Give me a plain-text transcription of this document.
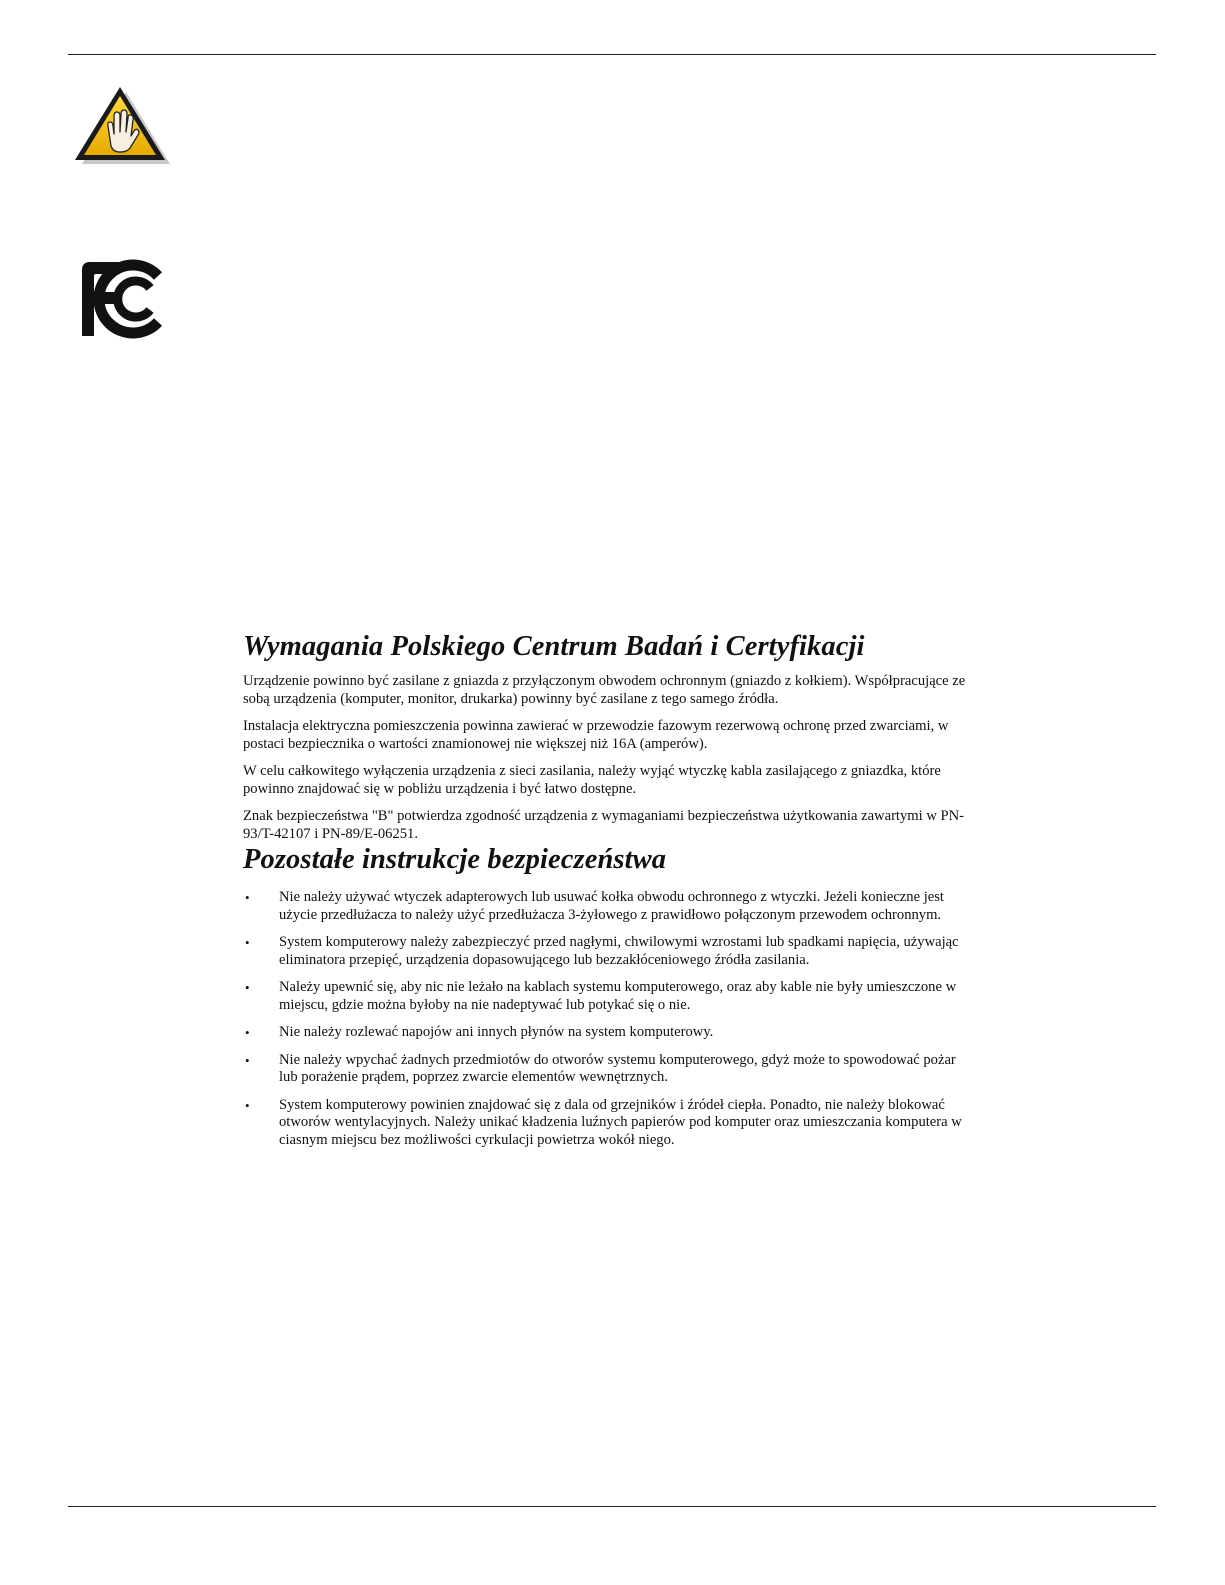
FC
Wymagania Polskiego Centrum Badań i Certyfikacji

Urządzenie powinno być zasilane z gniazda z przyłączonym obwodem ochronnym (gniazdo z kołkiem). Współpracujące ze sobą urządzenia (komputer, monitor, drukarka) powinny być zasilane z tego samego źródła.

Instalacja elektryczna pomieszczenia powinna zawierać w przewodzie fazowym rezerwową ochronę przed zwarciami, w postaci bezpiecznika o wartości znamionowej nie większej niż 16A (amperów).

W celu całkowitego wyłączenia urządzenia z sieci zasilania, należy wyjąć wtyczkę kabla zasilającego z gniazdka, które powinno znajdować się w pobliżu urządzenia i być łatwo dostępne.

Znak bezpieczeństwa "B" potwierdza zgodność urządzenia z wymaganiami bezpieczeństwa użytkowania zawartymi w PN-93/T-42107 i PN-89/E-06251.

Pozostałe instrukcje bezpieczeństwa
• Nie należy używać wtyczek adapterowych lub usuwać kołka obwodu ochronnego z wtyczki. Jeżeli konieczne jest użycie przedłużacza to należy użyć przedłużacza 3-żyłowego z prawidłowo połączonym przewodem ochronnym.
• System komputerowy należy zabezpieczyć przed nagłymi, chwilowymi wzrostami lub spadkami napięcia, używając eliminatora przepięć, urządzenia dopasowującego lub bezzakłóceniowego źródła zasilania.
• Należy upewnić się, aby nic nie leżało na kablach systemu komputerowego, oraz aby kable nie były umieszczone w miejscu, gdzie można byłoby na nie nadeptywać lub potykać się o nie.
• Nie należy rozlewać napojów ani innych płynów na system komputerowy.
• Nie należy wpychać żadnych przedmiotów do otworów systemu komputerowego, gdyż może to spowodować pożar lub porażenie prądem, poprzez zwarcie elementów wewnętrznych.
• System komputerowy powinien znajdować się z dala od grzejników i źródeł ciepła. Ponadto, nie należy blokować otworów wentylacyjnych. Należy unikać kładzenia luźnych papierów pod komputer oraz umieszczania komputera w ciasnym miejscu bez możliwości cyrkulacji powietrza wokół niego.
